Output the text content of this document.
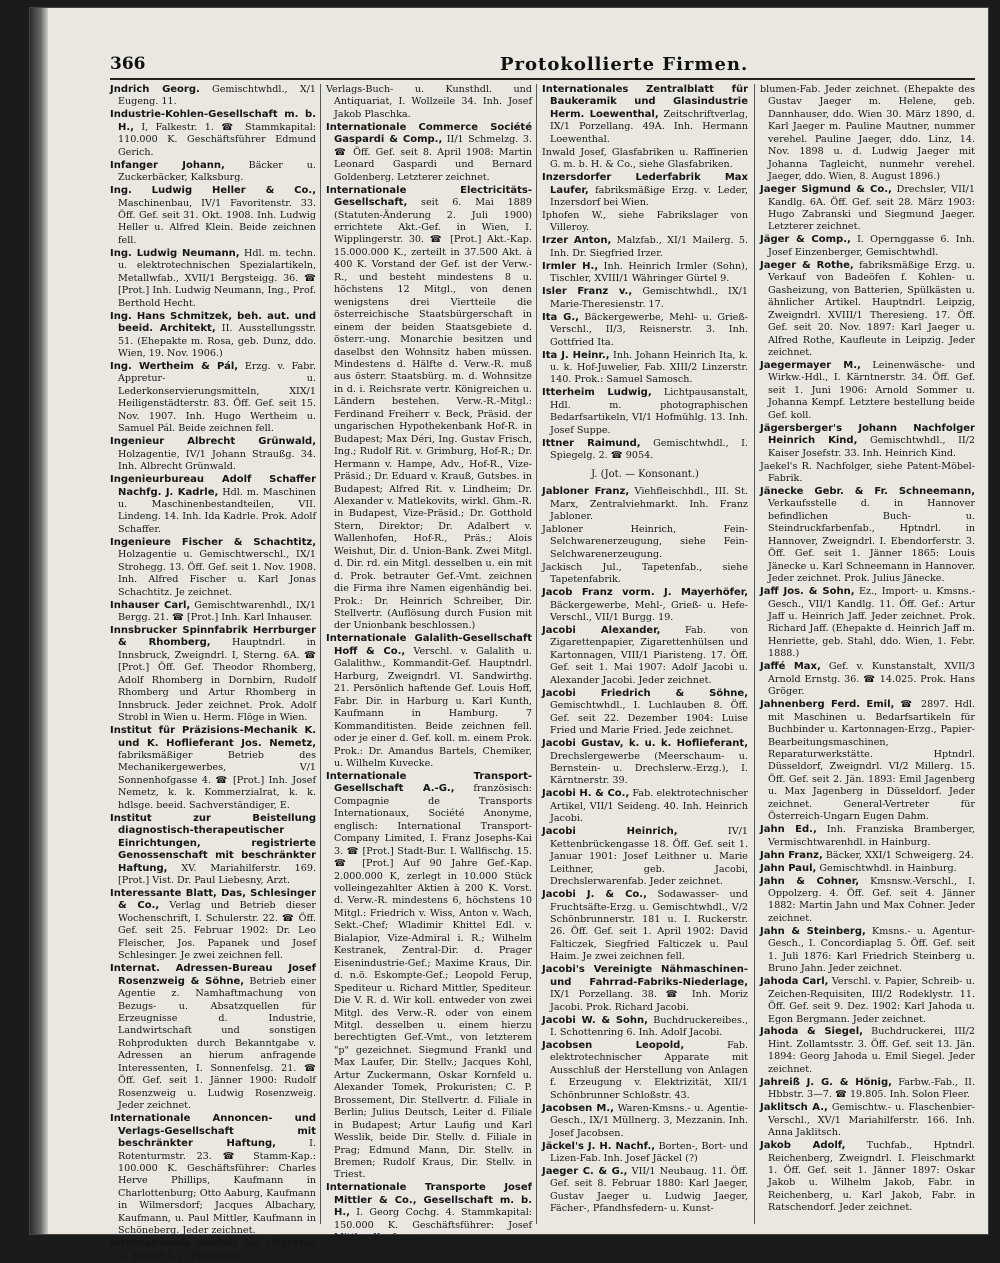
366	Protokollierte Firmen.
Jndrich Georg. Gemischtwhdl., X/1 Eugeng. 11.
Industrie-Kohlen-Gesellschaft m. b. H., I, Falkestr. 1. ☎ Stammkapital: 110.000 K. Geschäftsführer Edmund Gerich.
Infanger Johann, Bäcker u. Zuckerbäcker, Kalksburg.
Ing. Ludwig Heller & Co., Maschinenbau, IV/1 Favoritenstr. 33. Öff. Gef. seit 31. Okt. 1908. Inh. Ludwig Heller u. Alfred Klein. Beide zeichnen fell.
Ing. Ludwig Neumann, Hdl. m. techn. u. elektrotechnischen Spezialartikeln, Metallwfab., XVII/1 Bergsteigg. 36. ☎ [Prot.] Inh. Ludwig Neumann, Ing., Prof. Berthold Hecht.
Ing. Hans Schmitzek, beh. aut. und beeid. Architekt, II. Ausstellungsstr. 51. (Ehepakte m. Rosa, geb. Dunz, ddo. Wien, 19. Nov. 1906.)
Ing. Wertheim & Pál, Erzg. v. Fabr. Appretur- u. Lederkonservierungsmitteln, XIX/1 Heiligenstädterstr. 83. Öff. Gef. seit 15. Nov. 1907. Inh. Hugo Wertheim u. Samuel Pál. Beide zeichnen fell.
Ingenieur Albrecht Grünwald, Holzagentie, IV/1 Johann Straußg. 34. Inh. Albrecht Grünwald.
Ingenieurbureau Adolf Schaffer Nachfg. J. Kadrle, Hdl. m. Maschinen u. Maschinenbestandteilen, VII. Lindeng. 14. Inh. Ida Kadrle. Prok. Adolf Schaffer.
Ingenieure Fischer & Schachtitz, Holzagentie u. Gemischtwerschl., IX/1 Strohegg. 13. Öff. Gef. seit 1. Nov. 1908. Inh. Alfred Fischer u. Karl Jonas Schachtitz. Je zeichnet.
Inhauser Carl, Gemischtwarenhdl., IX/1 Bergg. 21. ☎ [Prot.] Inh. Karl Inhauser.
Innsbrucker Spinnfabrik Herrburger & Rhomberg, Hauptndrl. in Innsbruck, Zweigndrl. I, Sterng. 6A. ☎ [Prot.] Öff. Gef. Theodor Rhomberg, Adolf Rhomberg in Dornbirn, Rudolf Rhomberg und Artur Rhomberg in Innsbruck. Jeder zeichnet. Prok. Adolf Strobl in Wien u. Herm. Flöge in Wien.
Institut für Präzisions-Mechanik K. und K. Hoflieferant Jos. Nemetz, fabriksmäßiger Betrieb des Mechanikergewerbes, V/1 Sonnenhofgasse 4. ☎ [Prot.] Inh. Josef Nemetz, k. k. Kommerzialrat, k. k. hdlsge. beeid. Sachverständiger, E.
Institut zur Beistellung diagnostisch-therapeutischer Einrichtungen, registrierte Genossenschaft mit beschränkter Haftung, XV. Mariahilferstr. 169. [Prot.] Vist. Dr. Paul Liebesny, Arzt.
Interessante Blatt, Das, Schlesinger & Co., Verlag und Betrieb dieser Wochenschrift, I. Schulerstr. 22. ☎ Öff. Gef. seit 25. Februar 1902: Dr. Leo Fleischer, Jos. Papanek und Josef Schlesinger. Je zwei zeichnen fell.
Internat. Adressen-Bureau Josef Rosenzweig & Söhne, Betrieb einer Agentie z. Namhaftmachung von Bezugs- u. Absatzquellen für Erzeugnisse d. Industrie, Landwirtschaft und sonstigen Rohprodukten durch Bekanntgabe v. Adressen an hierum anfragende Interessenten, I. Sonnenfelsg. 21. ☎ Öff. Gef. seit 1. Jänner 1900: Rudolf Rosenzweig u. Ludwig Rosenzweig. Jeder zeichnet.
Internationale Annoncen- und Verlags-Gesellschaft mit beschränkter Haftung, I. Rotenturmstr. 23. ☎ Stamm-Kap.: 100.000 K. Geschäftsführer: Charles Herve Phillips, Kaufmann in Charlottenburg; Otto Aaburg, Kaufmann in Wilmersdorf; Jacques Albachary, Kaufmann, u. Paul Mittler, Kaufmann in Schöneberg. Jeder zeichnet.
Internationale Anstalt für Literatur u. Kunst J. J. Plaschka,
Verlags-Buch- u. Kunsthdl. und Antiquariat, I. Wollzeile 34. Inh. Josef Jakob Plaschka.
Internationale Commerce Société Gaspardi & Comp., II/1 Schmelzg. 3. ☎ Öff. Gef. seit 8. April 1908: Martin Leonard Gaspardi und Bernard Goldenberg. Letzterer zeichnet.
Internationale Electricitäts-Gesellschaft, seit 6. Mai 1889 (Statuten-Änderung 2. Juli 1900) errichtete Akt.-Gef. in Wien, I. Wipplingerstr. 30. ☎ [Prot.] Akt.-Kap. 15.000.000 K., zerteilt in 37.500 Akt. à 400 K. Vorstand der Gef. ist der Verw.-R., und besteht mindestens 8 u. höchstens 12 Mitgl., von denen wenigstens drei Viertteile die österreichische Staatsbürgerschaft in einem der beiden Staatsgebiete d. österr.-ung. Monarchie besitzen und daselbst den Wohnsitz haben müssen. Mindestens d. Hälfte d. Verw.-R. muß aus österr. Staatsbürg. m. d. Wohnsitze in d. i. Reichsrate vertr. Königreichen u. Ländern bestehen. Verw.-R.-Mitgl.: Ferdinand Freiherr v. Beck, Präsid. der ungarischen Hypothekenbank Hof-R. in Budapest; Max Déri, Ing. Gustav Frisch, Ing.; Rudolf Rit. v. Grimburg, Hof-R.; Dr. Hermann v. Hampe, Adv., Hof-R., Vize-Präsid.; Dr. Eduard v. Krauß, Gutsbes. in Budapest; Alfred Rit. v. Lindheim; Dr. Alexander v. Matlekovits, wirkl. Ghm.-R. in Budapest, Vize-Präsid.; Dr. Gotthold Stern, Direktor; Dr. Adalbert v. Wallenhofen, Hof-R., Präs.; Alois Weishut, Dir. d. Union-Bank. Zwei Mitgl. d. Dir. rd. ein Mitgl. desselben u. ein mit d. Prok. betrauter Gef.-Vmt. zeichnen die Firma ihre Namen eigenhändig bei. Prok.: Dr. Heinrich Schreiber, Dir. Stellvertr. (Auflösung durch Fusion mit der Unionbank beschlossen.)
Internationale Galalith-Gesellschaft Hoff & Co., Verschl. v. Galalith u. Galalithw., Kommandit-Gef. Hauptndrl. Harburg, Zweigndrl. VI. Sandwirthg. 21. Persönlich haftende Gef. Louis Hoff, Fabr. Dir. in Harburg u. Karl Kunth, Kaufmann in Hamburg. 7 Kommanditisten. Beide zeichnen fell. oder je einer d. Gef. koll. m. einem Prok. Prok.: Dr. Amandus Bartels, Chemiker, u. Wilhelm Kuvecke.
Internationale Transport-Gesellschaft A.-G., französisch: Compagnie de Transports Internationaux, Société Anonyme, englisch: International Transport-Company Limited, I. Franz Josephs-Kai 3. ☎ [Prot.] Stadt-Bur. I. Wallfischg. 15. ☎ [Prot.] Auf 90 Jahre Gef.-Kap. 2.000.000 K, zerlegt in 10.000 Stück volleingezahlter Aktien à 200 K. Vorst. d. Verw.-R. mindestens 6, höchstens 10 Mitgl.: Friedrich v. Wiss, Anton v. Wach, Sekt.-Chef; Wladimir Khittel Edl. v. Bialapior, Vize-Admiral i. R.; Wilhelm Kestranek, Zentral-Dir. d. Prager Eisenindustrie-Gef.; Maxime Kraus, Dir. d. n.ö. Eskompte-Gef.; Leopold Ferup, Spediteur u. Richard Mittler, Spediteur. Die V. R. d. Wir koll. entweder von zwei Mitgl. des Verw.-R. oder von einem Mitgl. desselben u. einem hierzu berechtigten Gef.-Vmt., von letzterem "p" gezeichnet. Siegmund Frankl und Max Laufer, Dir. Stellv.; Jacques Kohl, Artur Zuckermann, Oskar Kornfeld u. Alexander Tomek, Prokuristen; C. P. Brossement, Dir. Stellvertr. d. Filiale in Berlin; Julius Deutsch, Leiter d. Filiale in Budapest; Artur Laufig und Karl Wesslik, beide Dir. Stellv. d. Filiale in Prag; Edmund Mann, Dir. Stellv. in Bremen; Rudolf Kraus, Dir. Stellv. in Triest.
Internationale Transporte Josef Mittler & Co., Gesellschaft m. b. H., I. Georg Cochg. 4. Stammkapital: 150.000 K. Geschäftsführer: Josef Mittler, Kaufmann.
Internationales Zentralblatt für Baukeramik und Glasindustrie Herm. Loewenthal, Zeitschriftverlag, IX/1 Porzellang. 49A. Inh. Hermann Loewenthal.
Inwald Josef, Glasfabriken u. Raffinerien G. m. b. H. & Co., siehe Glasfabriken.
Inzersdorfer Lederfabrik Max Laufer, fabriksmäßige Erzg. v. Leder, Inzersdorf bei Wien.
Iphofen W., siehe Fabrikslager von Villeroy.
Irzer Anton, Malzfab., XI/1 Mailerg. 5. Inh. Dr. Siegfried Irzer.
Irmler H., Inh. Heinrich Irmler (Sohn), Tischler, XVIII/1 Währinger Gürtel 9.
Isler Franz v., Gemischtwhdl., IX/1 Marie-Theresienstr. 17.
Ita G., Bäckergewerbe, Mehl- u. Grieß-Verschl., II/3, Reisnerstr. 3. Inh. Gottfried Ita.
Ita J. Heinr., Inh. Johann Heinrich Ita, k. u. k. Hof-Juwelier, Fab. XIII/2 Linzerstr. 140. Prok.: Samuel Samosch.
Itterheim Ludwig, Lichtpausanstalt, Hdl. m. photographischen Bedarfsartikeln, VI/1 Hofmühlg. 13. Inh. Josef Suppe.
Ittner Raimund, Gemischtwhdl., I. Spiegelg. 2. ☎ 9054.
J. (Jot. — Konsonant.)
Jabloner Franz, Viehfleischhdl., III. St. Marx, Zentralviehmarkt. Inh. Franz Jabloner.
Jabloner Heinrich, Fein-Selchwarenerzeugung, siehe Fein-Selchwarenerzeugung.
Jackisch Jul., Tapetenfab., siehe Tapetenfabrik.
Jacob Franz vorm. J. Mayerhöfer, Bäckergewerbe, Mehl-, Grieß- u. Hefe-Verschl., VII/1 Burgg. 19.
Jacobi Alexander, Fab. von Zigarettenpapier, Zigarettenhülsen und Kartonnagen, VIII/1 Piaristeng. 17. Öff. Gef. seit 1. Mai 1907: Adolf Jacobi u. Alexander Jacobi. Jeder zeichnet.
Jacobi Friedrich & Söhne, Gemischtwhdl., I. Luchlauben 8. Öff. Gef. seit 22. Dezember 1904: Luise Fried und Marie Fried. Jede zeichnet.
Jacobi Gustav, k. u. k. Hoflieferant, Drechslergewerbe (Meerschaum- u. Bernstein- u. Drechslerw.-Erzg.), I. Kärntnerstr. 39.
Jacobi H. & Co., Fab. elektrotechnischer Artikel, VII/1 Seideng. 40. Inh. Heinrich Jacobi.
Jacobi Heinrich, IV/1 Kettenbrückengasse 18. Öff. Gef. seit 1. Januar 1901: Josef Leithner u. Marie Leithner, geb. Jacobi, Drechslerwarenfab. Jeder zeichnet.
Jacobi J. & Co., Sodawasser- und Fruchtsäfte-Erzg. u. Gemischtwhdl., V/2 Schönbrunnerstr. 181 u. I. Ruckerstr. 26. Öff. Gef. seit 1. April 1902: David Falticzek, Siegfried Falticzek u. Paul Haim. Je zwei zeichnen fell.
Jacobi's Vereinigte Nähmaschinen- und Fahrrad-Fabriks-Niederlage, IX/1 Porzellang. 38. ☎ Inh. Moriz Jacobi. Prok. Richard Jacobi.
Jacobi W. & Sohn, Buchdruckereibes., I. Schottenring 6. Inh. Adolf Jacobi.
Jacobsen Leopold, Fab. elektrotechnischer Apparate mit Ausschluß der Herstellung von Anlagen f. Erzeugung v. Elektrizität, XII/1 Schönbrunner Schloßstr. 43.
Jacobsen M., Waren-Kmsns.- u. Agentie-Gesch., IX/1 Müllnerg. 3, Mezzanin. Inh. Josef Jacobsen.
Jäckel's J. H. Nachf., Borten-, Bort- und Lizen-Fab. Inh. Josef Jäckel (?)
Jaeger C. & G., VII/1 Neubaug. 11. Öff. Gef. seit 8. Februar 1880: Karl Jaeger, Gustav Jaeger u. Ludwig Jaeger, Fächer-, Pfandhsfedern- u. Kunst-
blumen-Fab. Jeder zeichnet. (Ehepakte des Gustav Jaeger m. Helene, geb. Dannhauser, ddo. Wien 30. März 1890, d. Karl Jaeger m. Pauline Mautner, nummer verehel. Pauline Jaeger, ddo. Linz, 14. Nov. 1898 u. d. Ludwig Jaeger mit Johanna Tagleicht, nunmehr verehel. Jaeger, ddo. Wien, 8. August 1896.)
Jaeger Sigmund & Co., Drechsler, VII/1 Kandlg. 6A. Öff. Gef. seit 28. März 1903: Hugo Zabranski und Siegmund Jaeger. Letzterer zeichnet.
Jäger & Comp., I. Opernggasse 6. Inh. Josef Einzenberger, Gemischtwhdl.
Jaeger & Rothe, fabriksmäßige Erzg. u. Verkauf von Badeöfen f. Kohlen- u. Gasheizung, von Batterien, Spülkästen u. ähnlicher Artikel. Hauptndrl. Leipzig, Zweigndrl. XVIII/1 Theresieng. 17. Öff. Gef. seit 20. Nov. 1897: Karl Jaeger u. Alfred Rothe, Kaufleute in Leipzig. Jeder zeichnet.
Jaegermayer M., Leinenwäsche- und Wirkw.-Hdl., I. Kärntnerstr. 34. Öff. Gef. seit 1. Juni 1906: Arnold Sommer u. Johanna Kempf. Letztere bestellung beide Gef. koll.
Jägersberger's Johann Nachfolger Heinrich Kind, Gemischtwhdl., II/2 Kaiser Josefstr. 33. Inh. Heinrich Kind.
Jaekel's R. Nachfolger, siehe Patent-Möbel-Fabrik.
Jänecke Gebr. & Fr. Schneemann, Verkaufsstelle d. in Hannover befindlichen Buch- u. Steindruckfarbenfab., Hptndrl. in Hannover, Zweigndrl. I. Ebendorferstr. 3. Öff. Gef. seit 1. Jänner 1865: Louis Jänecke u. Karl Schneemann in Hannover. Jeder zeichnet. Prok. Julius Jänecke.
Jaff Jos. & Sohn, Ez., Import- u. Kmsns.-Gesch., VII/1 Kandlg. 11. Öff. Gef.: Artur Jaff u. Heinrich Jaff. Jeder zeichnet. Prok. Richard Jaff. (Ehepakte d. Heinrich Jaff m. Henriette, geb. Stahl, ddo. Wien, 1. Febr. 1888.)
Jaffé Max, Gef. v. Kunstanstalt, XVII/3 Arnold Ernstg. 36. ☎ 14.025. Prok. Hans Gröger.
Jahnenberg Ferd. Emil, ☎ 2897. Hdl. mit Maschinen u. Bedarfsartikeln für Buchbinder u. Kartonnagen-Erzg., Papier-Bearbeitungsmaschinen, Reparaturwerkstätte. Hptndrl. Düsseldorf, Zweigndrl. VI/2 Millerg. 15. Öff. Gef. seit 2. Jän. 1893: Emil Jagenberg u. Max Jagenberg in Düsseldorf. Jeder zeichnet. General-Vertreter für Österreich-Ungarn Eugen Dahm.
Jahn Ed., Inh. Franziska Bramberger, Vermischtwarenhdl. in Hainburg.
Jahn Franz, Bäcker, XXI/1 Schweigerg. 24.
Jahn Paul, Gemischtwhdl. in Hainburg.
Jahn & Cohner, Kmsnsw.-Verschl., I. Oppolzerg. 4. Öff. Gef. seit 4. Jänner 1882: Martin Jahn und Max Cohner. Jeder zeichnet.
Jahn & Steinberg, Kmsns.- u. Agentur-Gesch., I. Concordiaplag 5. Öff. Gef. seit 1. Juli 1876: Karl Friedrich Steinberg u. Bruno Jahn. Jeder zeichnet.
Jahoda Carl, Verschl. v. Papier, Schreib- u. Zeichen-Requisiten, III/2 Rodeklystr. 11. Öff. Gef. seit 9. Dez. 1902: Karl Jahoda u. Egon Bergmann. Jeder zeichnet.
Jahoda & Siegel, Buchdruckerei, III/2 Hint. Zollamtsstr. 3. Öff. Gef. seit 13. Jän. 1894: Georg Jahoda u. Emil Siegel. Jeder zeichnet.
Jahreiß J. G. & Hönig, Farbw.-Fab., II. Hbbstr. 3—7. ☎ 19.805. Inh. Solon Fleer.
Jaklitsch A., Gemischtw.- u. Flaschenbier-Verschl., XV/1 Mariahilferstr. 166. Inh. Anna Jaklitsch.
Jakob Adolf, Tuchfab., Hptndrl. Reichenberg, Zweigndrl. I. Fleischmarkt 1. Öff. Gef. seit 1. Jänner 1897: Oskar Jakob u. Wilhelm Jakob, Fabr. in Reichenberg, u. Karl Jakob, Fabr. in Ratschendorf. Jeder zeichnet.
